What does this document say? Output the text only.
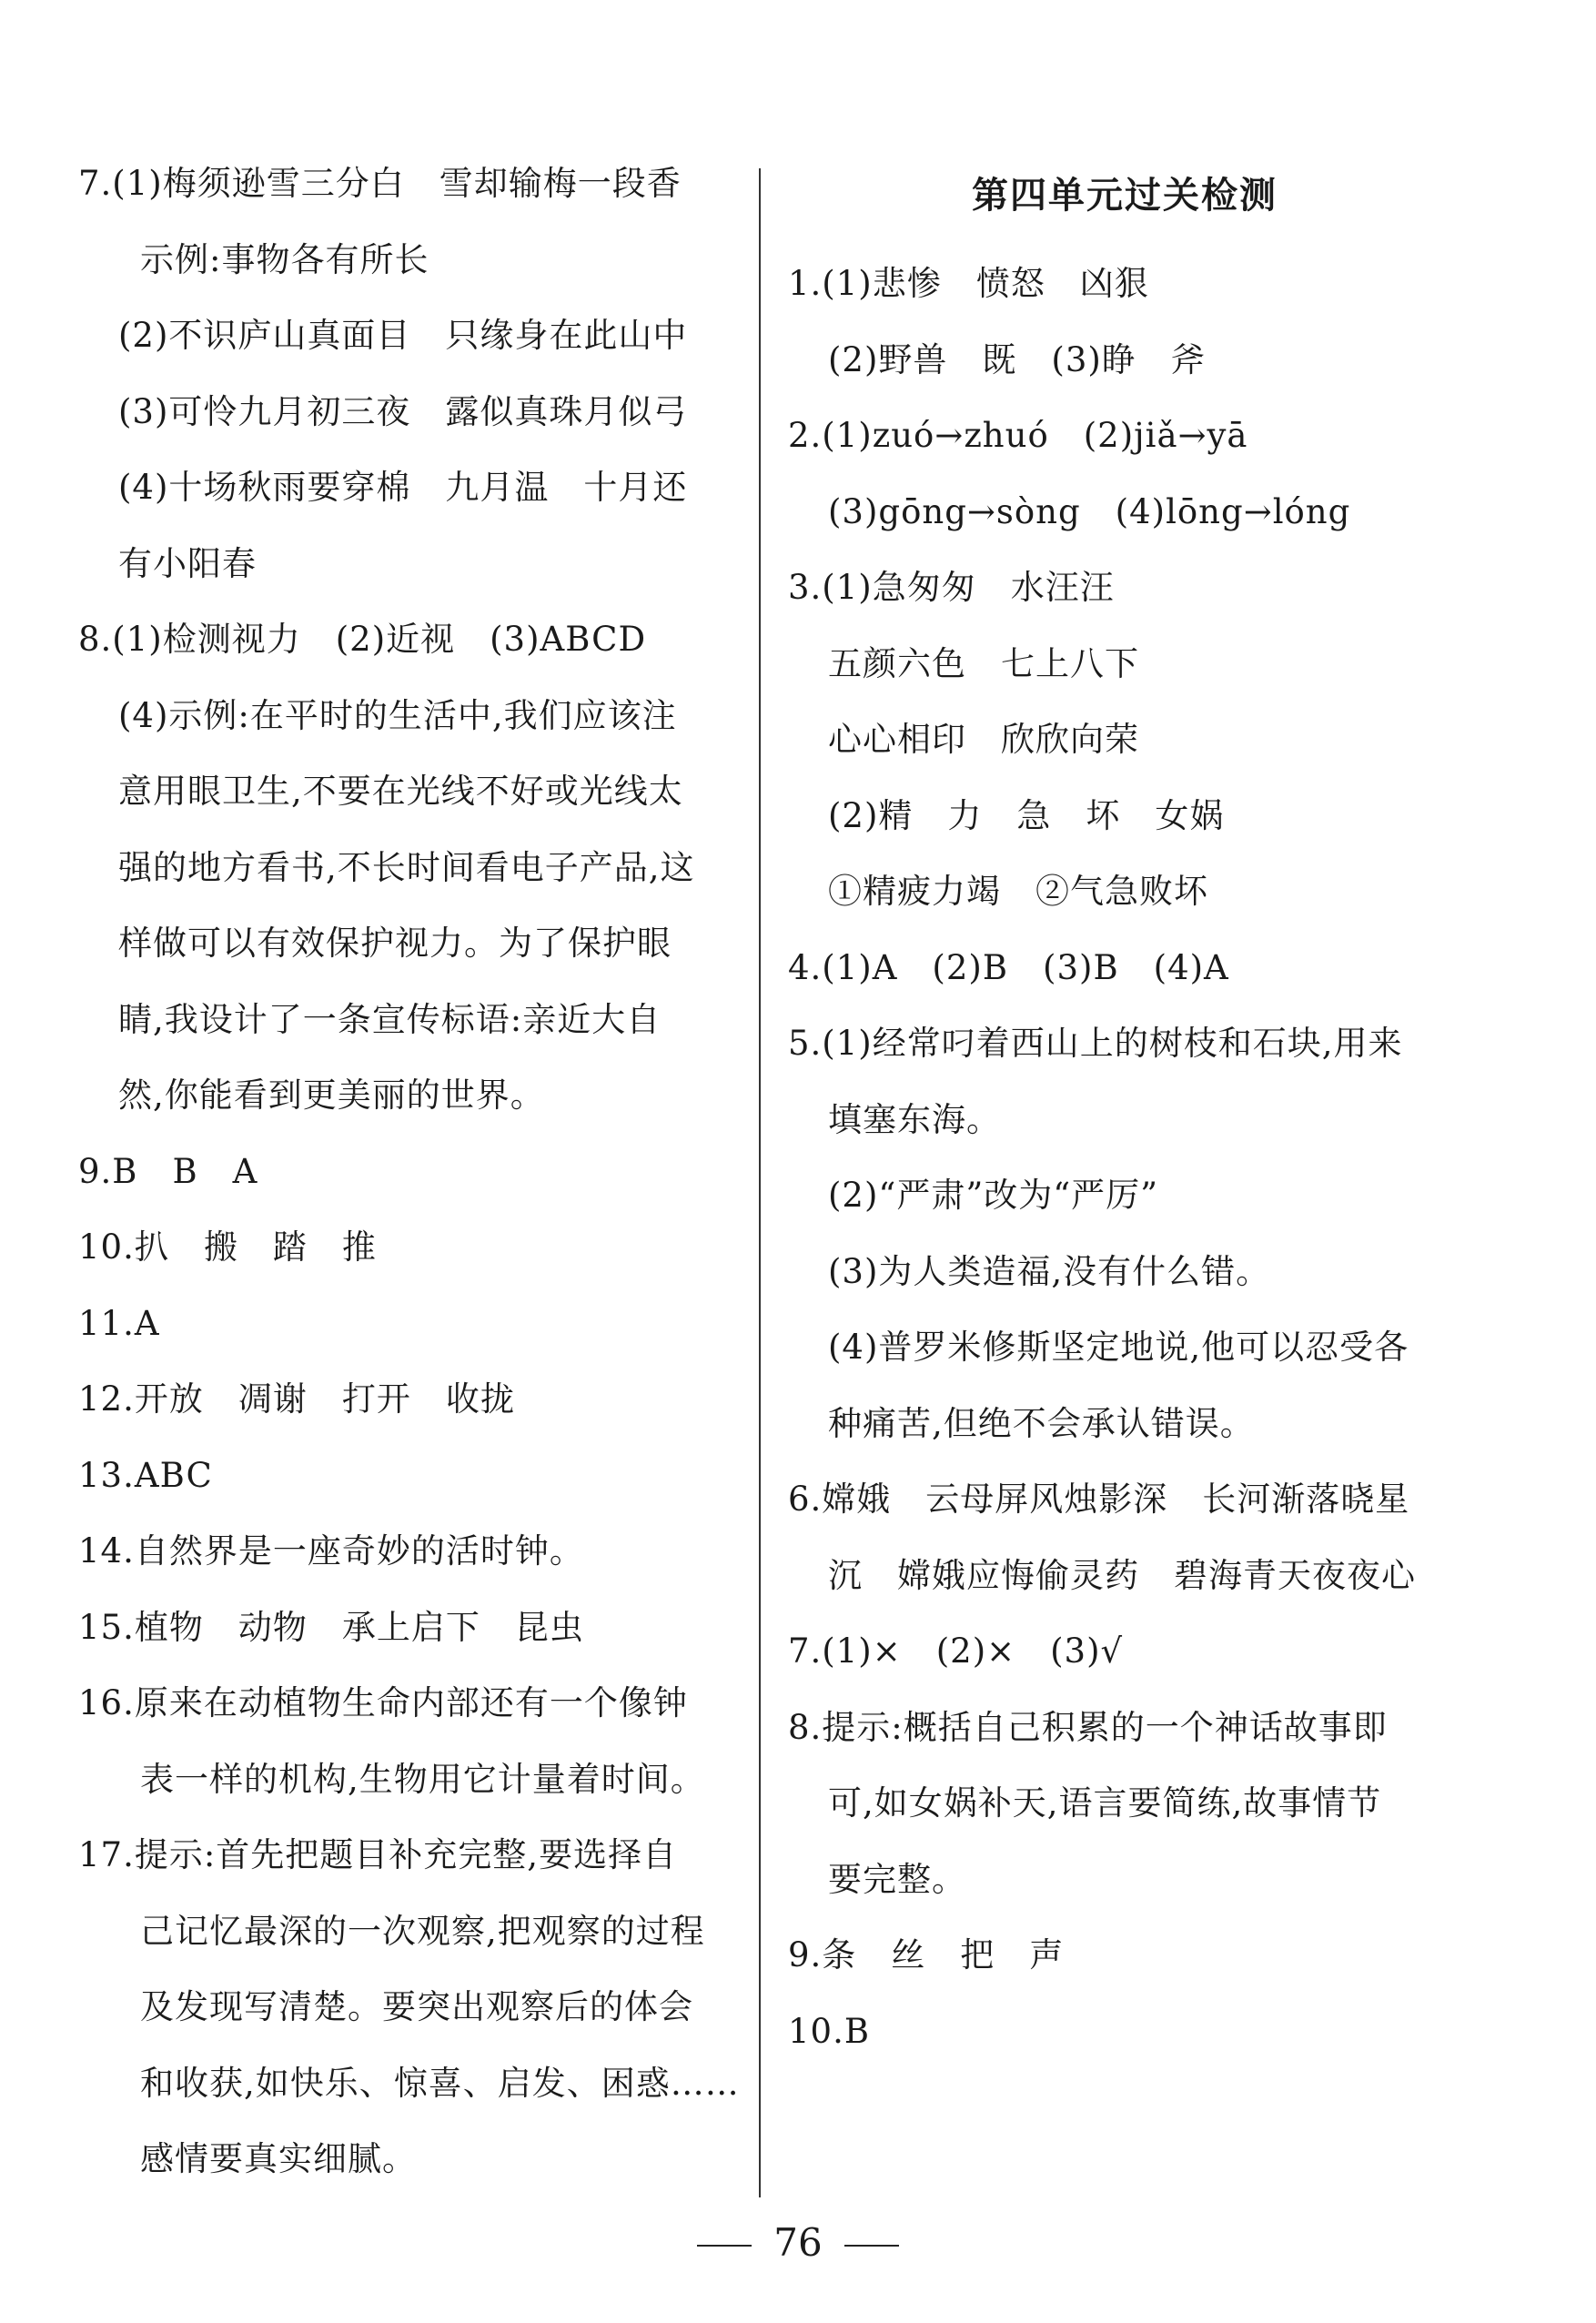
7.(1)梅须逊雪三分白　雪却输梅一段香
示例:事物各有所长
(2)不识庐山真面目　只缘身在此山中
(3)可怜九月初三夜　露似真珠月似弓
(4)十场秋雨要穿棉　九月温　十月还
有小阳春
8.(1)检测视力　(2)近视　(3)ABCD
(4)示例:在平时的生活中,我们应该注
意用眼卫生,不要在光线不好或光线太
强的地方看书,不长时间看电子产品,这
样做可以有效保护视力。为了保护眼
睛,我设计了一条宣传标语:亲近大自
然,你能看到更美丽的世界。
9.B　B　A
10.扒　搬　踏　推
11.A
12.开放　凋谢　打开　收拢
13.ABC
14.自然界是一座奇妙的活时钟。
15.植物　动物　承上启下　昆虫
16.原来在动植物生命内部还有一个像钟
表一样的机构,生物用它计量着时间。
17.提示:首先把题目补充完整,要选择自
己记忆最深的一次观察,把观察的过程
及发现写清楚。要突出观察后的体会
和收获,如快乐、惊喜、启发、困惑……
感情要真实细腻。
第四单元过关检测
1.(1)悲惨　愤怒　凶狠
(2)野兽　既　(3)睁　斧
2.(1)zuó→zhuó　(2)jiǎ→yā
(3)gōng→sòng　(4)lōng→lóng
3.(1)急匆匆　水汪汪
五颜六色　七上八下
心心相印　欣欣向荣
(2)精　力　急　坏　女娲
①精疲力竭　②气急败坏
4.(1)A　(2)B　(3)B　(4)A
5.(1)经常叼着西山上的树枝和石块,用来
填塞东海。
(2)“严肃”改为“严厉”
(3)为人类造福,没有什么错。
(4)普罗米修斯坚定地说,他可以忍受各
种痛苦,但绝不会承认错误。
6.嫦娥　云母屏风烛影深　长河渐落晓星
沉　嫦娥应悔偷灵药　碧海青天夜夜心
7.(1)×　(2)×　(3)√
8.提示:概括自己积累的一个神话故事即
可,如女娲补天,语言要简练,故事情节
要完整。
9.条　丝　把　声
10.B
76
